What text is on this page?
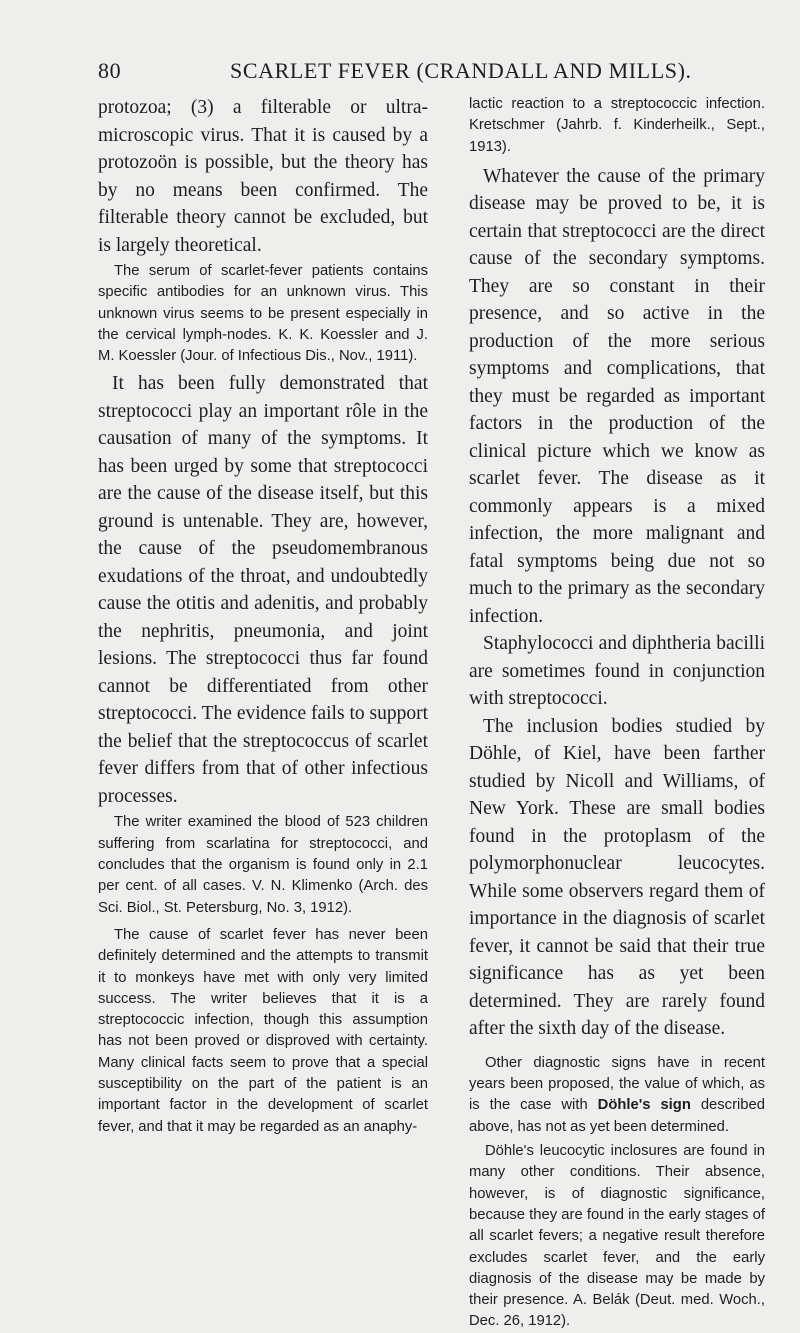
80	SCARLET FEVER (CRANDALL AND MILLS).

protozoa; (3) a filterable or ultra-microscopic virus. That it is caused by a protozoön is possible, but the theory has by no means been confirmed. The filterable theory cannot be excluded, but is largely theoretical.

The serum of scarlet-fever patients contains specific antibodies for an unknown virus. This unknown virus seems to be present especially in the cervical lymph-nodes. K. K. Koessler and J. M. Koessler (Jour. of Infectious Dis., Nov., 1911).

It has been fully demonstrated that streptococci play an important rôle in the causation of many of the symptoms. It has been urged by some that streptococci are the cause of the disease itself, but this ground is untenable. They are, however, the cause of the pseudomembranous exudations of the throat, and undoubtedly cause the otitis and adenitis, and probably the nephritis, pneumonia, and joint lesions. The streptococci thus far found cannot be differentiated from other streptococci. The evidence fails to support the belief that the streptococcus of scarlet fever differs from that of other infectious processes.

The writer examined the blood of 523 children suffering from scarlatina for streptococci, and concludes that the organism is found only in 2.1 per cent. of all cases. V. N. Klimenko (Arch. des Sci. Biol., St. Petersburg, No. 3, 1912).

The cause of scarlet fever has never been definitely determined and the attempts to transmit it to monkeys have met with only very limited success. The writer believes that it is a streptococcic infection, though this assumption has not been proved or disproved with certainty. Many clinical facts seem to prove that a special susceptibility on the part of the patient is an important factor in the development of scarlet fever, and that it may be regarded as an anaphy-

lactic reaction to a streptococcic infection. Kretschmer (Jahrb. f. Kinderheilk., Sept., 1913).

Whatever the cause of the primary disease may be proved to be, it is certain that streptococci are the direct cause of the secondary symptoms. They are so constant in their presence, and so active in the production of the more serious symptoms and complications, that they must be regarded as important factors in the production of the clinical picture which we know as scarlet fever. The disease as it commonly appears is a mixed infection, the more malignant and fatal symptoms being due not so much to the primary as the secondary infection.

Staphylococci and diphtheria bacilli are sometimes found in conjunction with streptococci.

The inclusion bodies studied by Döhle, of Kiel, have been farther studied by Nicoll and Williams, of New York. These are small bodies found in the protoplasm of the polymorphonuclear leucocytes. While some observers regard them of importance in the diagnosis of scarlet fever, it cannot be said that their true significance has as yet been determined. They are rarely found after the sixth day of the disease.

Other diagnostic signs have in recent years been proposed, the value of which, as is the case with Döhle's sign described above, has not as yet been determined.

Döhle's leucocytic inclosures are found in many other conditions. Their absence, however, is of diagnostic significance, because they are found in the early stages of all scarlet fevers; a negative result therefore excludes scarlet fever, and the early diagnosis of the disease may be made by their presence. A. Belák (Deut. med. Woch., Dec. 26, 1912).
